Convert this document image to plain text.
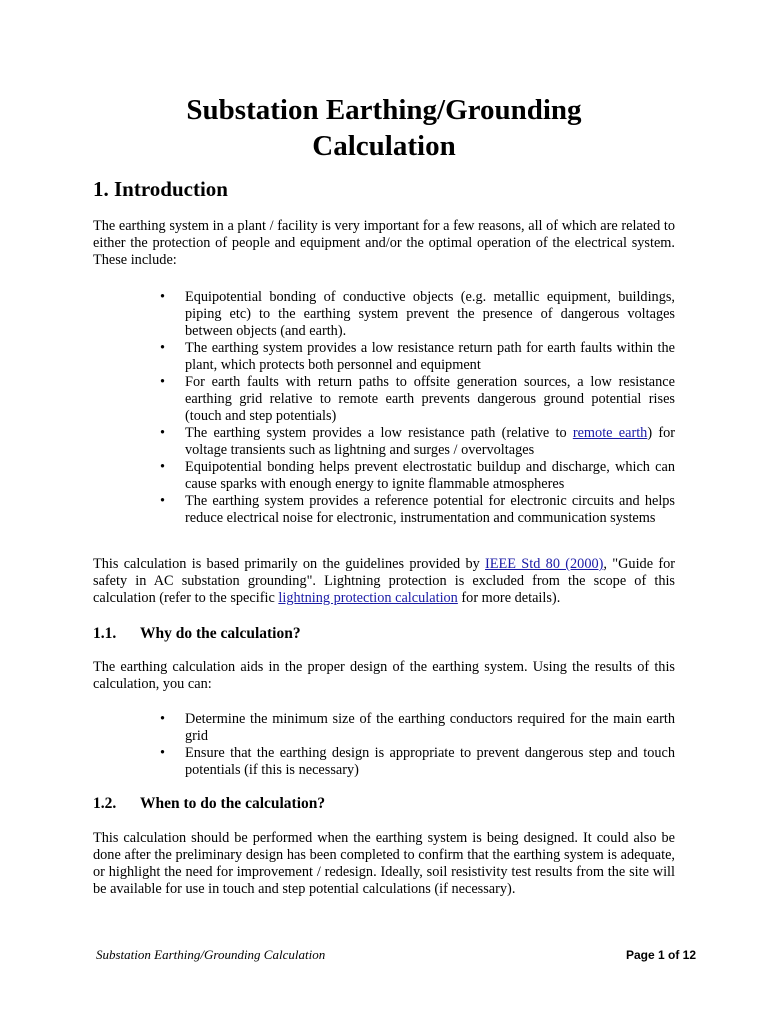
Substation Earthing/Grounding Calculation
1. Introduction
The earthing system in a plant / facility is very important for a few reasons, all of which are related to either the protection of people and equipment and/or the optimal operation of the electrical system. These include:
•	Equipotential bonding of conductive objects (e.g. metallic equipment, buildings, piping etc) to the earthing system prevent the presence of dangerous voltages between objects (and earth).
•	The earthing system provides a low resistance return path for earth faults within the plant, which protects both personnel and equipment
•	For earth faults with return paths to offsite generation sources, a low resistance earthing grid relative to remote earth prevents dangerous ground potential rises (touch and step potentials)
•	The earthing system provides a low resistance path (relative to remote earth) for voltage transients such as lightning and surges / overvoltages
•	Equipotential bonding helps prevent electrostatic buildup and discharge, which can cause sparks with enough energy to ignite flammable atmospheres
•	The earthing system provides a reference potential for electronic circuits and helps reduce electrical noise for electronic, instrumentation and communication systems
This calculation is based primarily on the guidelines provided by IEEE Std 80 (2000), "Guide for safety in AC substation grounding". Lightning protection is excluded from the scope of this calculation (refer to the specific lightning protection calculation for more details).
1.1. Why do the calculation?
The earthing calculation aids in the proper design of the earthing system. Using the results of this calculation, you can:
•	Determine the minimum size of the earthing conductors required for the main earth grid
•	Ensure that the earthing design is appropriate to prevent dangerous step and touch potentials (if this is necessary)
1.2. When to do the calculation?
This calculation should be performed when the earthing system is being designed. It could also be done after the preliminary design has been completed to confirm that the earthing system is adequate, or highlight the need for improvement / redesign. Ideally, soil resistivity test results from the site will be available for use in touch and step potential calculations (if necessary).
Substation Earthing/Grounding Calculation	Page 1 of 12
